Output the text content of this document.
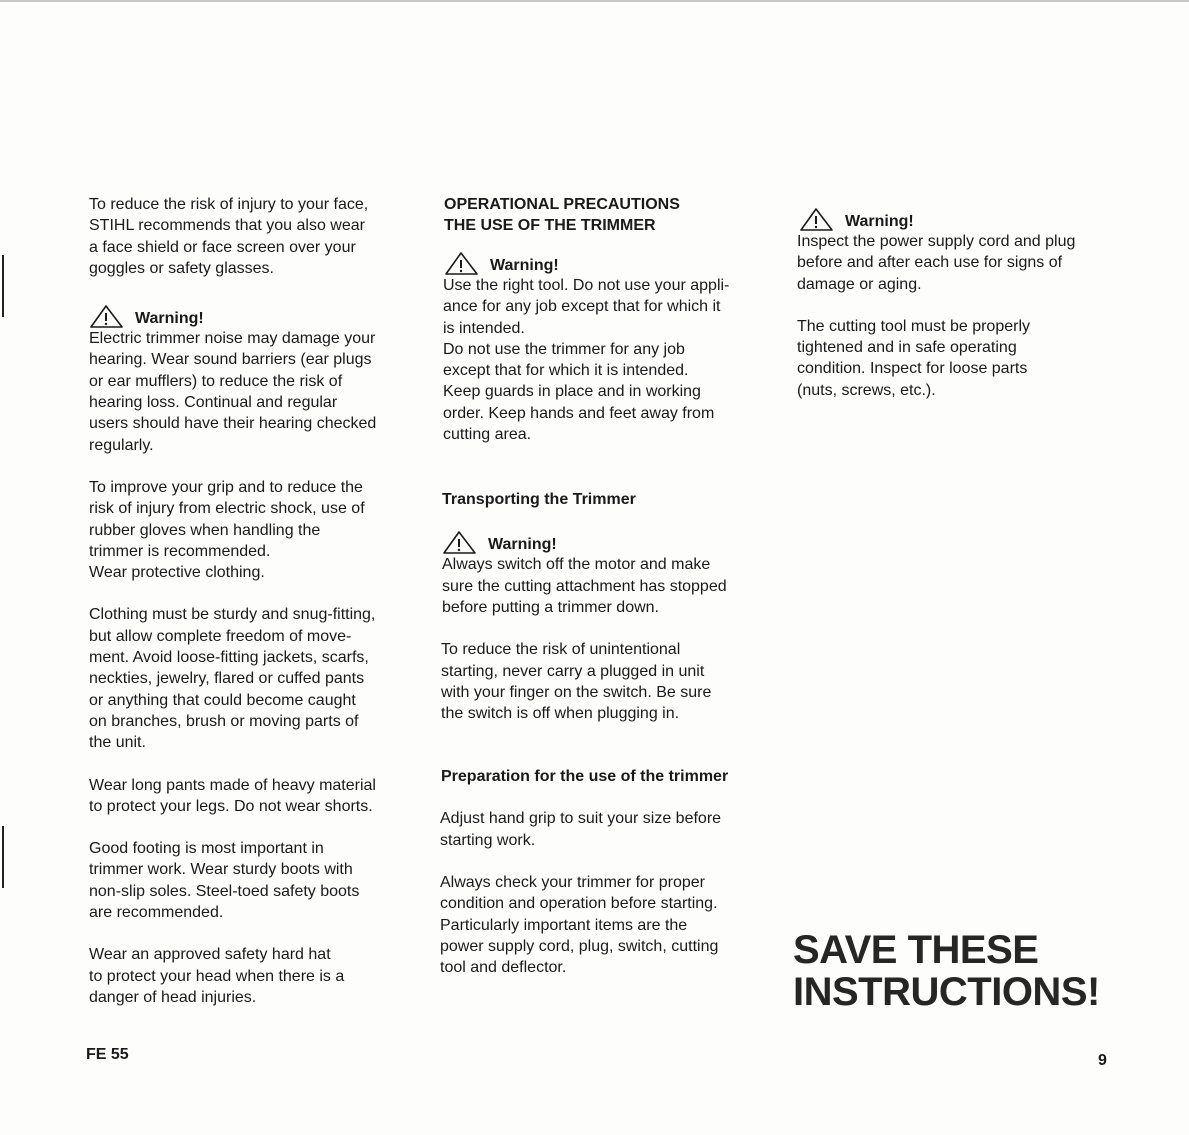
To reduce the risk of injury to your face,
STIHL recommends that you also wear
a face shield or face screen over your
goggles or safety glasses.

Warning!

Electric trimmer noise may damage your
hearing. Wear sound barriers (ear plugs
or ear mufflers) to reduce the risk of
hearing loss. Continual and regular
users should have their hearing checked
regularly.

To improve your grip and to reduce the
risk of injury from electric shock, use of
rubber gloves when handling the
trimmer is recommended.
Wear protective clothing.

Clothing must be sturdy and snug-fitting,
but allow complete freedom of move-
ment. Avoid loose-fitting jackets, scarfs,
neckties, jewelry, flared or cuffed pants
or anything that could become caught
on branches, brush or moving parts of
the unit.

Wear long pants made of heavy material
to protect your legs. Do not wear shorts.

Good footing is most important in
trimmer work. Wear sturdy boots with
non-slip soles. Steel-toed safety boots
are recommended.

Wear an approved safety hard hat
to protect your head when there is a
danger of head injuries.

OPERATIONAL PRECAUTIONS
THE USE OF THE TRIMMER

Warning!

Use the right tool. Do not use your appli-
ance for any job except that for which it
is intended.
Do not use the trimmer for any job
except that for which it is intended.
Keep guards in place and in working
order. Keep hands and feet away from
cutting area.

Transporting the Trimmer

Warning!

Always switch off the motor and make
sure the cutting attachment has stopped
before putting a trimmer down.

To reduce the risk of unintentional
starting, never carry a plugged in unit
with your finger on the switch. Be sure
the switch is off when plugging in.

Preparation for the use of the trimmer

Adjust hand grip to suit your size before
starting work.

Always check your trimmer for proper
condition and operation before starting.
Particularly important items are the
power supply cord, plug, switch, cutting
tool and deflector.

Warning!

Inspect the power supply cord and plug
before and after each use for signs of
damage or aging.

The cutting tool must be properly
tightened and in safe operating
condition. Inspect for loose parts
(nuts, screws, etc.).

SAVE THESE
INSTRUCTIONS!
FE 55	9
